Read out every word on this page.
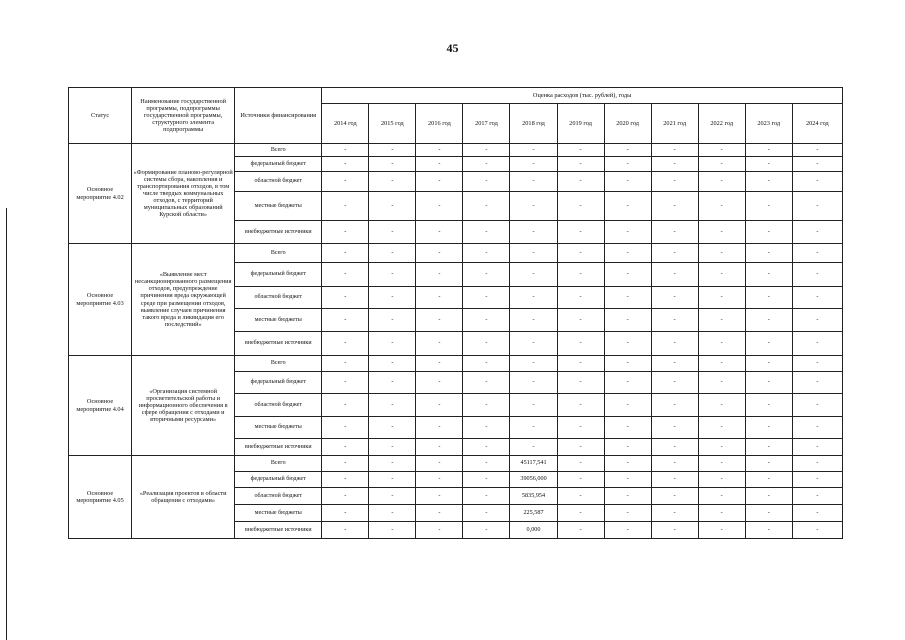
45
Статус	Наименование государственной программы, подпрограммы государственной программы, структурного элемента подпрограммы	Источники финансирования	Оценка расходов (тыс. рублей), годы										
			2014 год	2015 год	2016 год	2017 год	2018 год	2019 год	2020 год	2021 год	2022 год	2023 год	2024 год
Основное мероприятие 4.02	«Формирование планово-регулярной системы сбора, накопления и транспортирования отходов, в том числе твердых коммунальных отходов, с территорий муниципальных образований Курской области»	Всего	-	-	-	-	-	-	-	-	-	-	-
		федеральный бюджет	-	-	-	-	-	-	-	-	-	-	-
		областной бюджет	-	-	-	-	-	-	-	-	-	-	-
		местные бюджеты	-	-	-	-	-	-	-	-	-	-	-
		внебюджетные источники	-	-	-	-	-	-	-	-	-	-	-
Основное мероприятие 4.03	«Выявление мест несанкционированного размещения отходов, предупреждение причинения вреда окружающей среде при размещении отходов, выявление случаев причинения такого вреда и ликвидация его последствий»	Всего	-	-	-	-	-	-	-	-	-	-	-
		федеральный бюджет	-	-	-	-	-	-	-	-	-	-	-
		областной бюджет	-	-	-	-	-	-	-	-	-	-	-
		местные бюджеты	-	-	-	-	-	-	-	-	-	-	-
		внебюджетные источники	-	-	-	-	-	-	-	-	-	-	-
Основное мероприятие 4.04	«Организация системной просветительской работы и информационного обеспечения в сфере обращения с отходами и вторичными ресурсами»	Всего	-	-	-	-	-	-	-	-	-	-	-
		федеральный бюджет	-	-	-	-	-	-	-	-	-	-	-
		областной бюджет	-	-	-	-	-	-	-	-	-	-	-
		местные бюджеты	-	-	-	-	-	-	-	-	-	-	-
		внебюджетные источники	-	-	-	-	-	-	-	-	-	-	-
Основное мероприятие 4.05	«Реализация проектов в области обращения с отходами»	Всего	-	-	-	-	45117,541	-	-	-	-	-	-
		федеральный бюджет	-	-	-	-	39056,000	-	-	-	-	-	-
		областной бюджет	-	-	-	-	5835,954	-	-	-	-	-	-
		местные бюджеты	-	-	-	-	225,587	-	-	-	-	-	-
		внебюджетные источники	-	-	-	-	0,000	-	-	-	-	-	-
